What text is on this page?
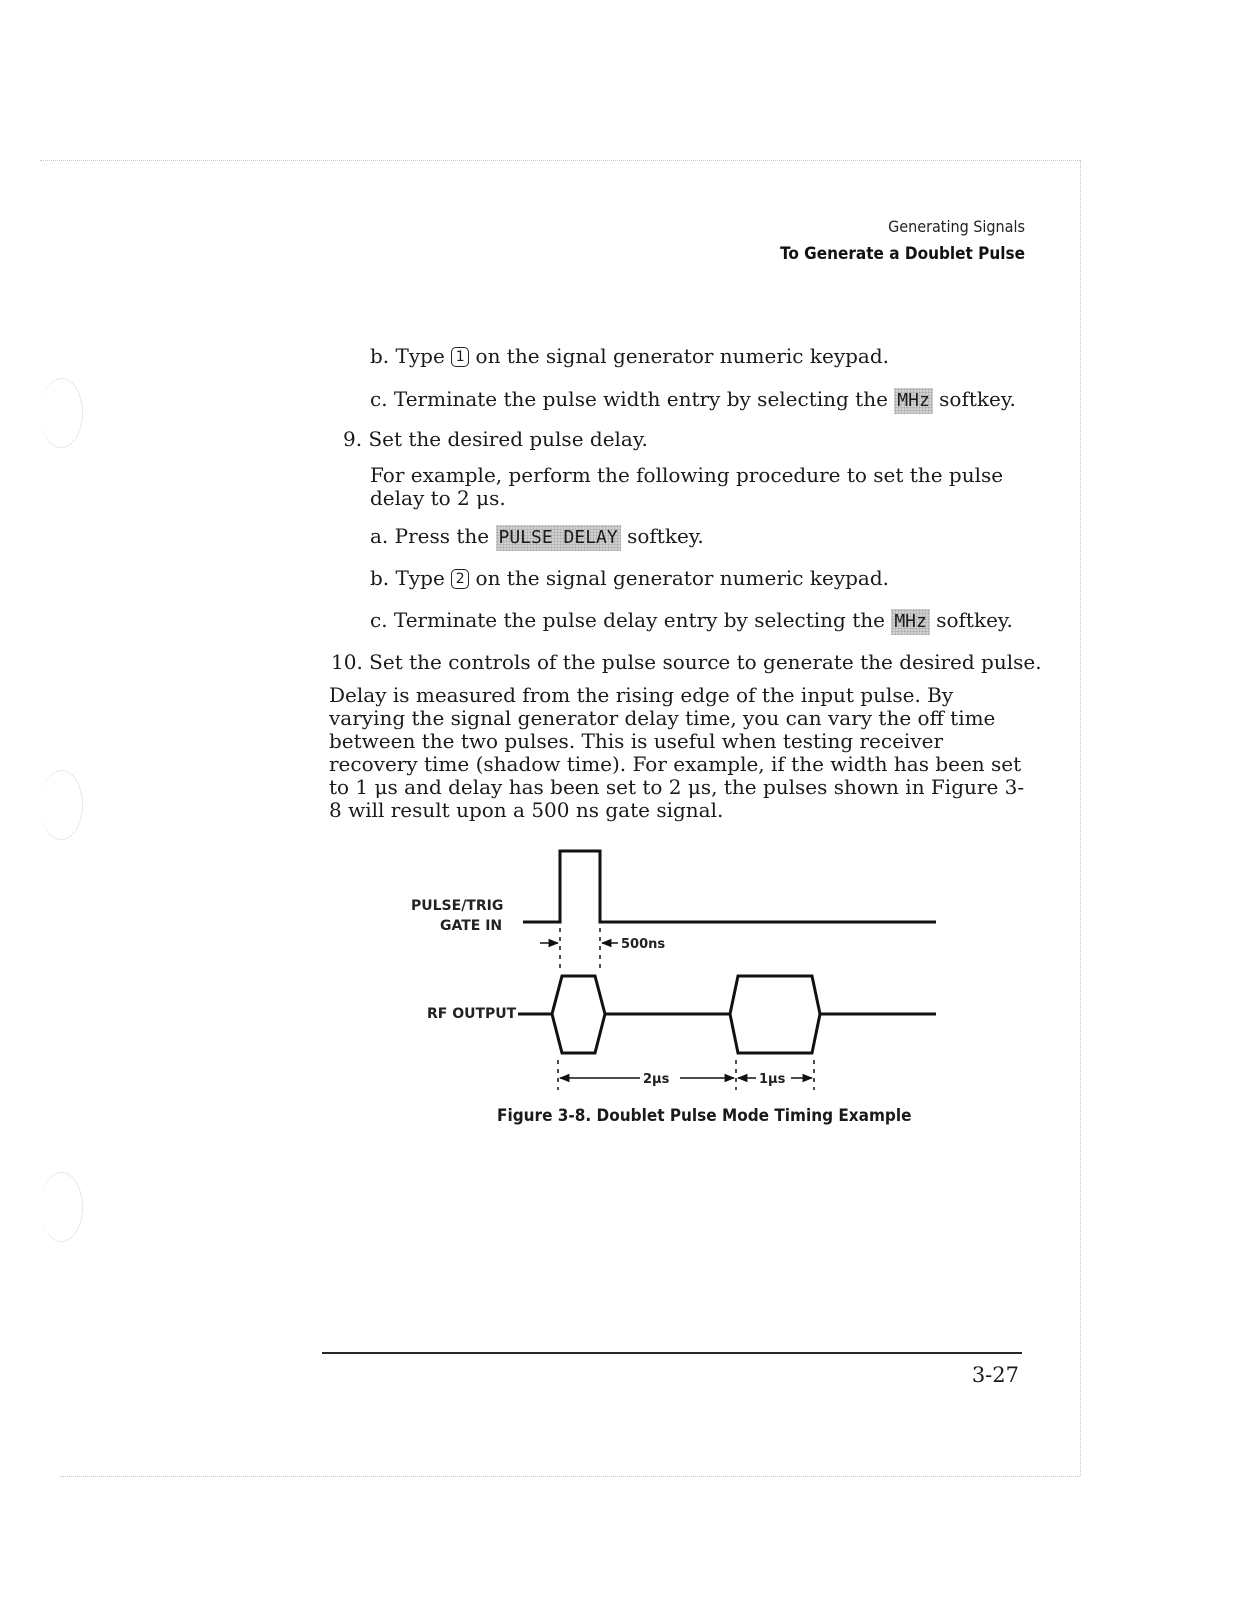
Generating Signals
To Generate a Doublet Pulse
b. Type 1 on the signal generator numeric keypad.
c. Terminate the pulse width entry by selecting the MHz softkey.
9. Set the desired pulse delay.
For example, perform the following procedure to set the pulse delay to 2 μs.
a. Press the PULSE DELAY softkey.
b. Type 2 on the signal generator numeric keypad.
c. Terminate the pulse delay entry by selecting the MHz softkey.
10. Set the controls of the pulse source to generate the desired pulse.
Delay is measured from the rising edge of the input pulse. By varying the signal generator delay time, you can vary the off time between the two pulses. This is useful when testing receiver recovery time (shadow time). For example, if the width has been set to 1 μs and delay has been set to 2 μs, the pulses shown in Figure 3-8 will result upon a 500 ns gate signal.
PULSE/TRIG
GATE IN
RF OUTPUT
500ns
2μs	1μs
Figure 3-8. Doublet Pulse Mode Timing Example
3-27
